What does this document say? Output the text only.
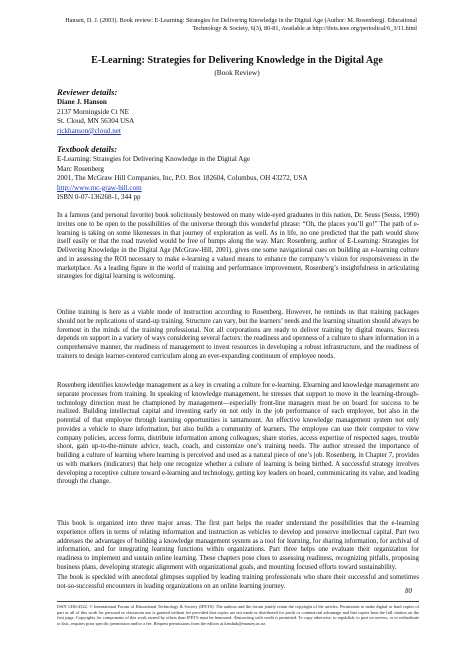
Hansen, D. J. (2003). Book review: E-Learning: Strategies for Delivering Knowledge in the Digital Age (Author: M. Rosenberg). Educational Technology & Society, 6(3), 80-81, Available at http://ifets.ieee.org/periodical/6_3/11.html
E-Learning: Strategies for Delivering Knowledge in the Digital Age
(Book Review)
Reviewer details:
Diane J. Hanson
2137 Morningside Ct NE
St. Cloud, MN 56304 USA
rickhanson@cloud.net
Textbook details:
E-Learning: Strategies for Delivering Knowledge in the Digital Age
Marc Rosenberg
2001, The McGraw Hill Companies, Inc, P.O. Box 182604, Columbus, OH 43272, USA
http://www.mc-graw-hill.com
ISBN 0-07-136268-1, 344 pp

In a famous (and personal favorite) book solicitously bestowed on many wide-eyed graduates in this nation, Dr. Seuss (Seuss, 1990) invites one to be open to the possibilities of the universe through this wonderful phrase: “Oh, the places you’ll go!” The path of e-learning is taking on some likenesses in that journey of exploration as well. As in life, no one predicted that the path would show itself easily or that the road traveled would be free of bumps along the way. Marc Rosenberg, author of E-Learning: Strategies for Delivering Knowledge in the Digital Age (McGraw-Hill, 2001), gives one some navigational cues on building an e-learning culture and in assessing the ROI necessary to make e-learning a valued means to enhance the company’s vision for responsiveness in the marketplace. As a leading figure in the world of training and performance improvement, Rosenberg’s insightfulness in articulating strategies for digital learning is welcoming.

Online training is here as a viable mode of instruction according to Rosenberg. However, he reminds us that training packages should not be replications of stand-up training. Structure can vary, but the learners’ needs and the learning situation should always be foremost in the minds of the training professional. Not all corporations are ready to deliver training by digital means. Success depends on support in a variety of ways considering several factors: the readiness and openness of a culture to share information in a comprehensive manner, the readiness of management to invest resources in developing a robust infrastructure, and the readiness of trainers to design learner-centered curriculum along an ever-expanding continuum of employee needs.

Rosenberg identifies knowledge management as a key in creating a culture for e-learning. Elearning and knowledge management are separate processes from training. In speaking of knowledge management, he stresses that support to move in the learning-through-technology direction must be championed by management—especially front-line managers must be on board for success to be realized. Building intellectual capital and investing early on not only in the job performance of each employee, but also in the potential of that employee through learning opportunities is tantamount. An effective knowledge management system not only provides a vehicle to share information, but also builds a community of learners. The employee can use their computer to view company policies, access forms, distribute information among colleagues, share stories, access expertise of respected sages, trouble shoot, gain up-to-the-minute advice, teach, coach, and customize one’s training needs. The author stressed the importance of building a culture of learning where learning is perceived and used as a natural piece of one’s job. Rosenberg, in Chapter 7, provides us with markers (indicators) that help one recognize whether a culture of learning is being birthed. A successful strategy involves developing a receptive culture toward e-learning and technology, getting key leaders on board, communicating its value, and leading through the change.

This book is organized into three major areas. The first part helps the reader understand the possibilities that the e-learning experience offers in terms of relating information and instruction as vehicles to develop and preserve intellectual capital. Part two addresses the advantages of building a knowledge management system as a tool for learning, for sharing information, for archival of information, and for integrating learning functions within organizations. Part three helps one evaluate their organization for readiness to implement and sustain online learning. These chapters pose clues to assessing readiness, recognizing pitfalls, proposing business plans, developing strategic alignment with organizational goals, and mounting focused efforts toward sustainability.

The book is speckled with anecdotal glimpses supplied by leading training professionals who share their successful and sometimes not-so-successful encounters in leading organizations on an online learning journey.

80
ISSN 1436-4522. © International Forum of Educational Technology & Society (IFETS). The authors and the forum jointly retain the copyright of the articles. Permission to make digital or hard copies of part or all of this work for personal or classroom use is granted without fee provided that copies are not made or distributed for profit or commercial advantage and that copies bear the full citation on the first page. Copyrights for components of this work owned by others than IFETS must be honoured. Abstracting with credit is permitted. To copy otherwise, to republish, to post on servers, or to redistribute to lists, requires prior specific permission and/or a fee. Request permissions from the editors at kinshuk@massey.ac.nz.
